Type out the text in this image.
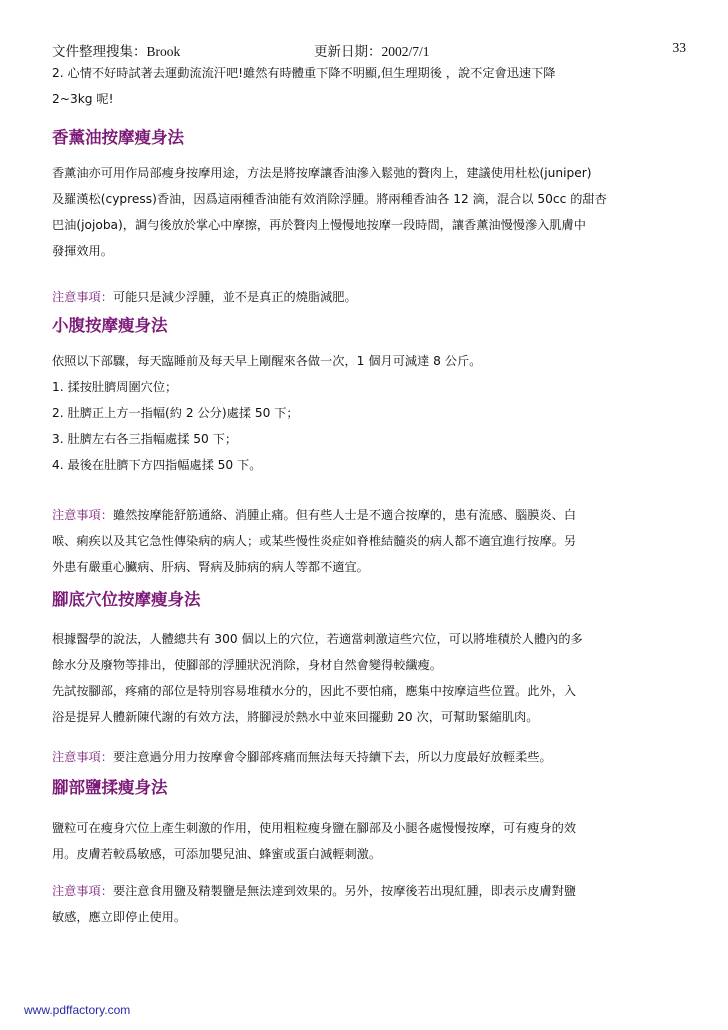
文件整理搜集：Brook	更新日期：2002/7/1	33
2. 心情不好時試著去運動流流汗吧!雖然有時體重下降不明顯,但生理期後 ，說不定會迅速下降
2~3kg 呢!
香薰油按摩瘦身法
香薰油亦可用作局部瘦身按摩用途，方法是將按摩讓香油滲入鬆弛的贅肉上，建議使用杜松(juniper)
及羅漢松(cypress)香油，因爲這兩種香油能有效消除浮腫。將兩種香油各 12 滴，混合以 50cc 的甜杏
巴油(jojoba)，調勻後放於掌心中摩擦，再於贅肉上慢慢地按摩一段時間，讓香薰油慢慢滲入肌膚中
發揮效用。
注意事項：可能只是減少浮腫，並不是真正的燒脂減肥。
小腹按摩瘦身法
依照以下部驟，每天臨睡前及每天早上剛醒來各做一次，1 個月可減達 8 公斤。
1. 揉按肚臍周圍穴位；
2. 肚臍正上方一指幅(約 2 公分)處揉 50 下；
3. 肚臍左右各三指幅處揉 50 下；
4. 最後在肚臍下方四指幅處揉 50 下。
注意事項：雖然按摩能舒筋通絡、消腫止痛。但有些人士是不適合按摩的，患有流感、腦膜炎、白
喉、痢疾以及其它急性傳染病的病人；或某些慢性炎症如脊椎結髓炎的病人都不適宜進行按摩。另
外患有嚴重心臟病、肝病、腎病及肺病的病人等都不適宜。
腳底穴位按摩瘦身法
根據醫學的說法，人體總共有 300 個以上的穴位，若適當刺激這些穴位，可以將堆積於人體內的多
餘水分及廢物等排出，使腳部的浮腫狀況消除，身材自然會變得較纖瘦。
先試按腳部，疼痛的部位是特別容易堆積水分的，因此不要怕痛，應集中按摩這些位置。此外，入
浴是提昇人體新陳代謝的有效方法，將腳浸於熱水中並來回擺動 20 次，可幫助緊縮肌肉。
注意事項：要注意過分用力按摩會令腳部疼痛而無法每天持續下去，所以力度最好放輕柔些。
腳部鹽揉瘦身法
鹽粒可在瘦身穴位上產生刺激的作用，使用粗粒瘦身鹽在腳部及小腿各處慢慢按摩，可有瘦身的效
用。皮膚若較爲敏感，可添加嬰兒油、蜂蜜或蛋白減輕刺激。
注意事項：要注意食用鹽及精製鹽是無法達到效果的。另外，按摩後若出現紅腫，即表示皮膚對鹽
敏感，應立即停止使用。
www.pdffactory.com
